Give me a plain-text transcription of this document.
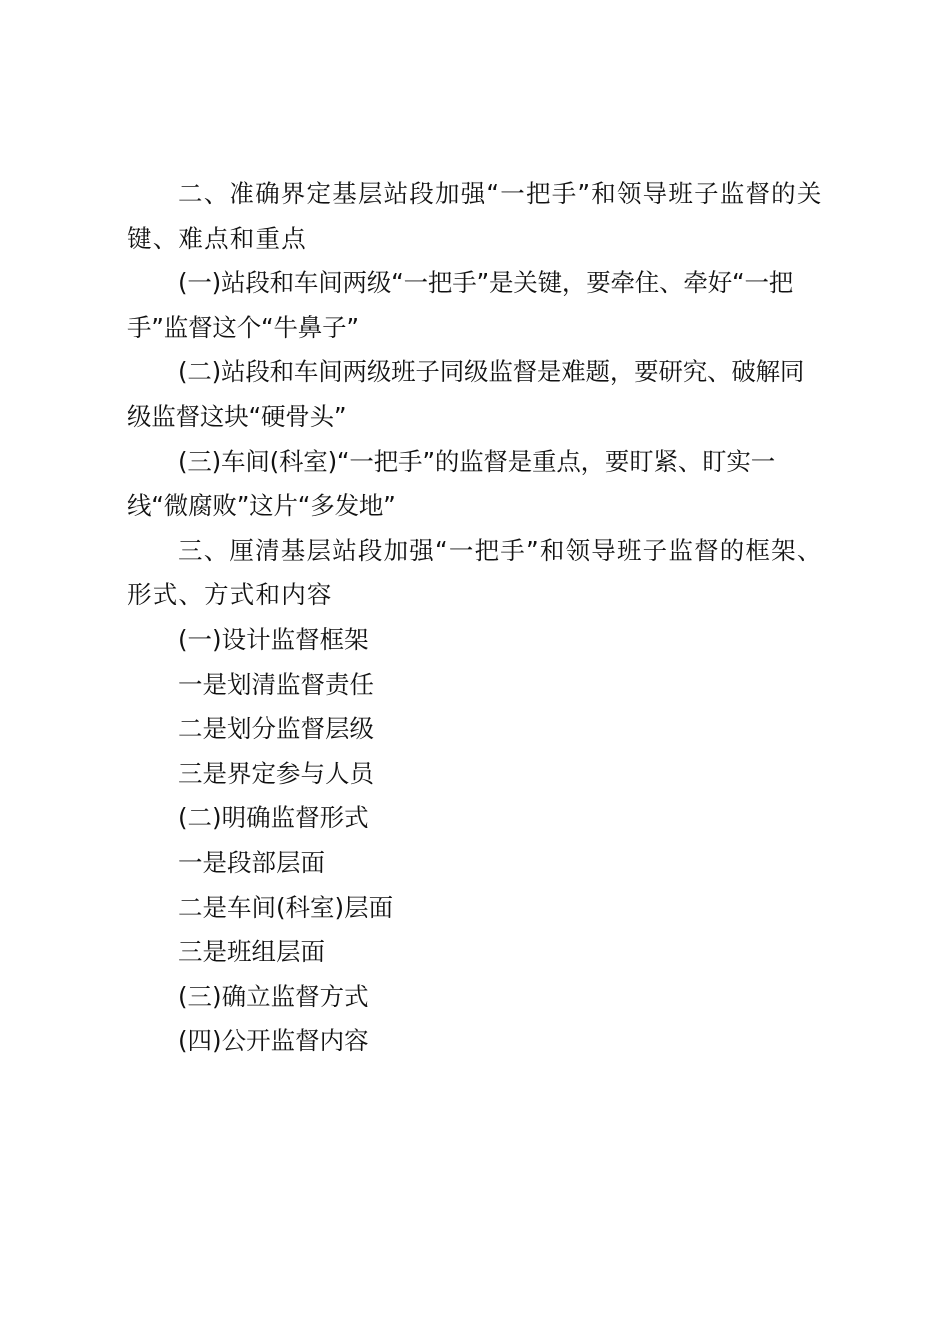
二、准确界定基层站段加强“一把手”和领导班子监督的关键、难点和重点

(一)站段和车间两级“一把手”是关键，要牵住、牵好“一把手”监督这个“牛鼻子”

(二)站段和车间两级班子同级监督是难题，要研究、破解同级监督这块“硬骨头”

(三)车间(科室)“一把手”的监督是重点，要盯紧、盯实一线“微腐败”这片“多发地”

三、厘清基层站段加强“一把手”和领导班子监督的框架、形式、方式和内容

(一)设计监督框架

一是划清监督责任

二是划分监督层级

三是界定参与人员

(二)明确监督形式

一是段部层面

二是车间(科室)层面

三是班组层面

(三)确立监督方式

(四)公开监督内容
